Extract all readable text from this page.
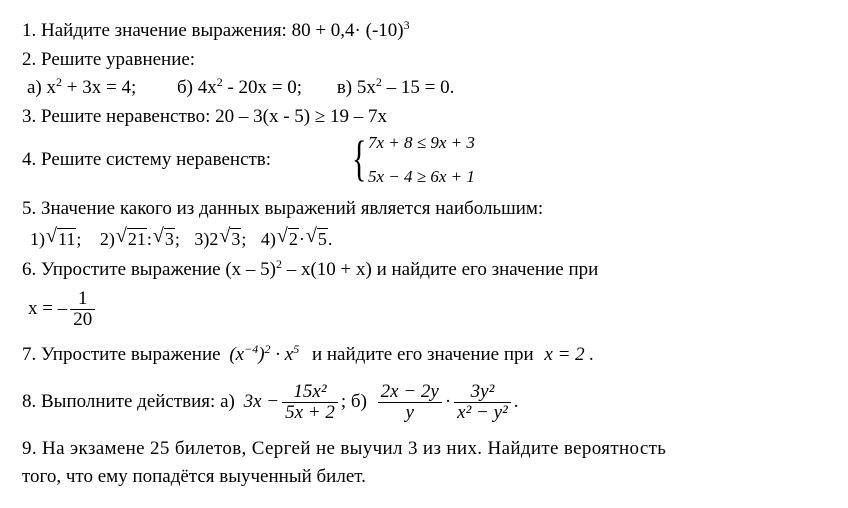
1. Найдите значение выражения: $80 + 0,4\cdot (-10)^3$
2. Решите уравнение:
а) $x^2 + 3x = 4$; б) $4x^2 - 20x = 0$; в) $5x^2 - 15 = 0$.
3. Решите неравенство: 20 – 3(x - 5) ≥ 19 – 7x
4. Решите систему неравенств: { 7x + 8 ≤ 9x + 3
5x − 4 ≥ 6x + 1
5. Значение какого из данных выражений является наибольшим:
1) √ 11; 2) √ 21: √ 3; 3)2 √ 3; 4) √ 2· √ 5.
6. Упростите выражение (x – 5)$^2$ – x(10 + x) и найдите его значение при
x = – $\frac{1}{20}$
7. Упростите выражение $(x^{-4})^2 \cdot x^5$ и найдите его значение при x = 2 .
8. Выполните действия: а) $3x - \frac{\text{15x²}}{5x + 2}$ ; $б) \frac{2x - 2y}{y} \cdot \frac{\text{3y²}}{\text{x² − y²}}$ .
9. На экзамене 25 билетов, Сергей не выучил 3 из них. Найдите вероятность
того, что ему попадётся выученный билет.
